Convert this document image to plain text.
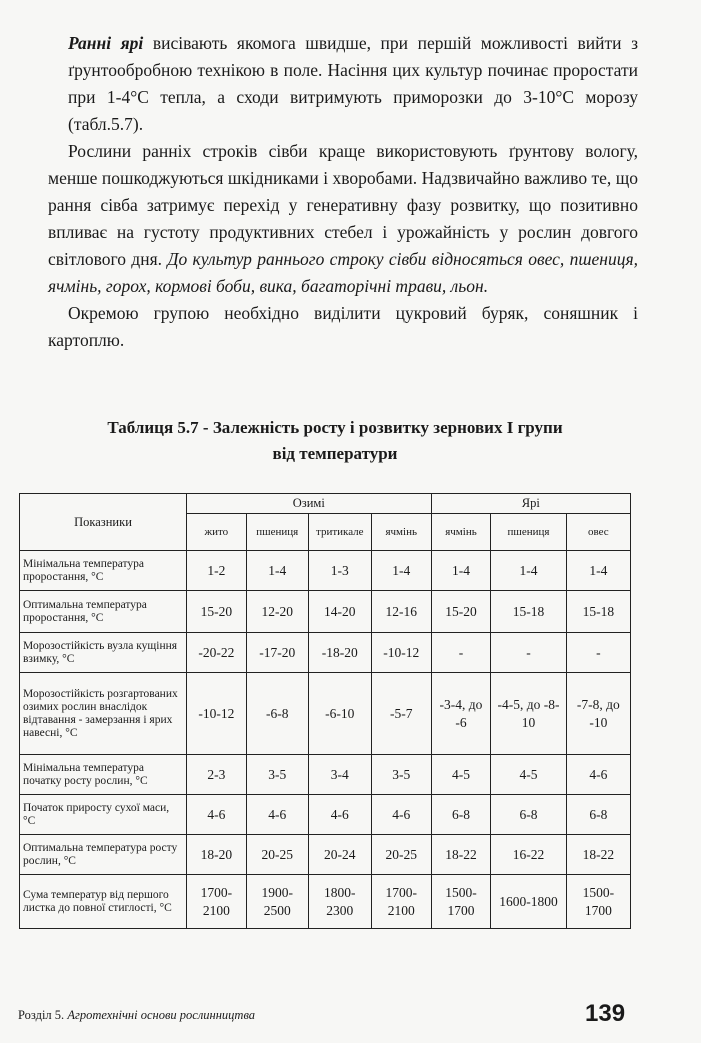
Ранні ярі висівають якомога швидше, при першій можливості вийти з ґрунтообробною технікою в поле. Насіння цих культур починає проростати при 1-4°С тепла, а сходи витримують приморозки до 3-10°С морозу (табл.5.7).

Рослини ранніх строків сівби краще використовують ґрунтову вологу, менше пошкоджуються шкідниками і хворобами. Надзвичайно важливо те, що рання сівба затримує перехід у генеративну фазу розвитку, що позитивно впливає на густоту продуктивних стебел і урожайність у рослин довгого світлового дня. До культур раннього строку сівби відносяться овес, пшениця, ячмінь, горох, кормові боби, вика, багаторічні трави, льон.

Окремою групою необхідно виділити цукровий буряк, соняшник і картоплю.

Таблиця 5.7 - Залежність росту і розвитку зернових I групи
від температури
Показники	Озимі				Ярі		
	жито	пшениця	тритикале	ячмінь	ячмінь	пшениця	овес
Мінімальна температура проростання, °С	1-2	1-4	1-3	1-4	1-4	1-4	1-4
Оптимальна температура проростання, °С	15-20	12-20	14-20	12-16	15-20	15-18	15-18
Морозостійкість вузла кущіння взимку, °С	-20-22	-17-20	-18-20	-10-12	-	-	-
Морозостійкість розгартованих озимих рослин внаслідок відтавання - замерзання і ярих навесні, °С	-10-12	-6-8	-6-10	-5-7	-3-4, до -6	-4-5, до -8-10	-7-8, до -10
Мінімальна температура початку росту рослин, °С	2-3	3-5	3-4	3-5	4-5	4-5	4-6
Початок приросту сухої маси, °С	4-6	4-6	4-6	4-6	6-8	6-8	6-8
Оптимальна температура росту рослин, °С	18-20	20-25	20-24	20-25	18-22	16-22	18-22
Сума температур від першого листка до повної стиглості, °С	1700-2100	1900-2500	1800-2300	1700-2100	1500-1700	1600-1800	1500-1700
Розділ 5. Агротехнічні основи рослинництва	139
